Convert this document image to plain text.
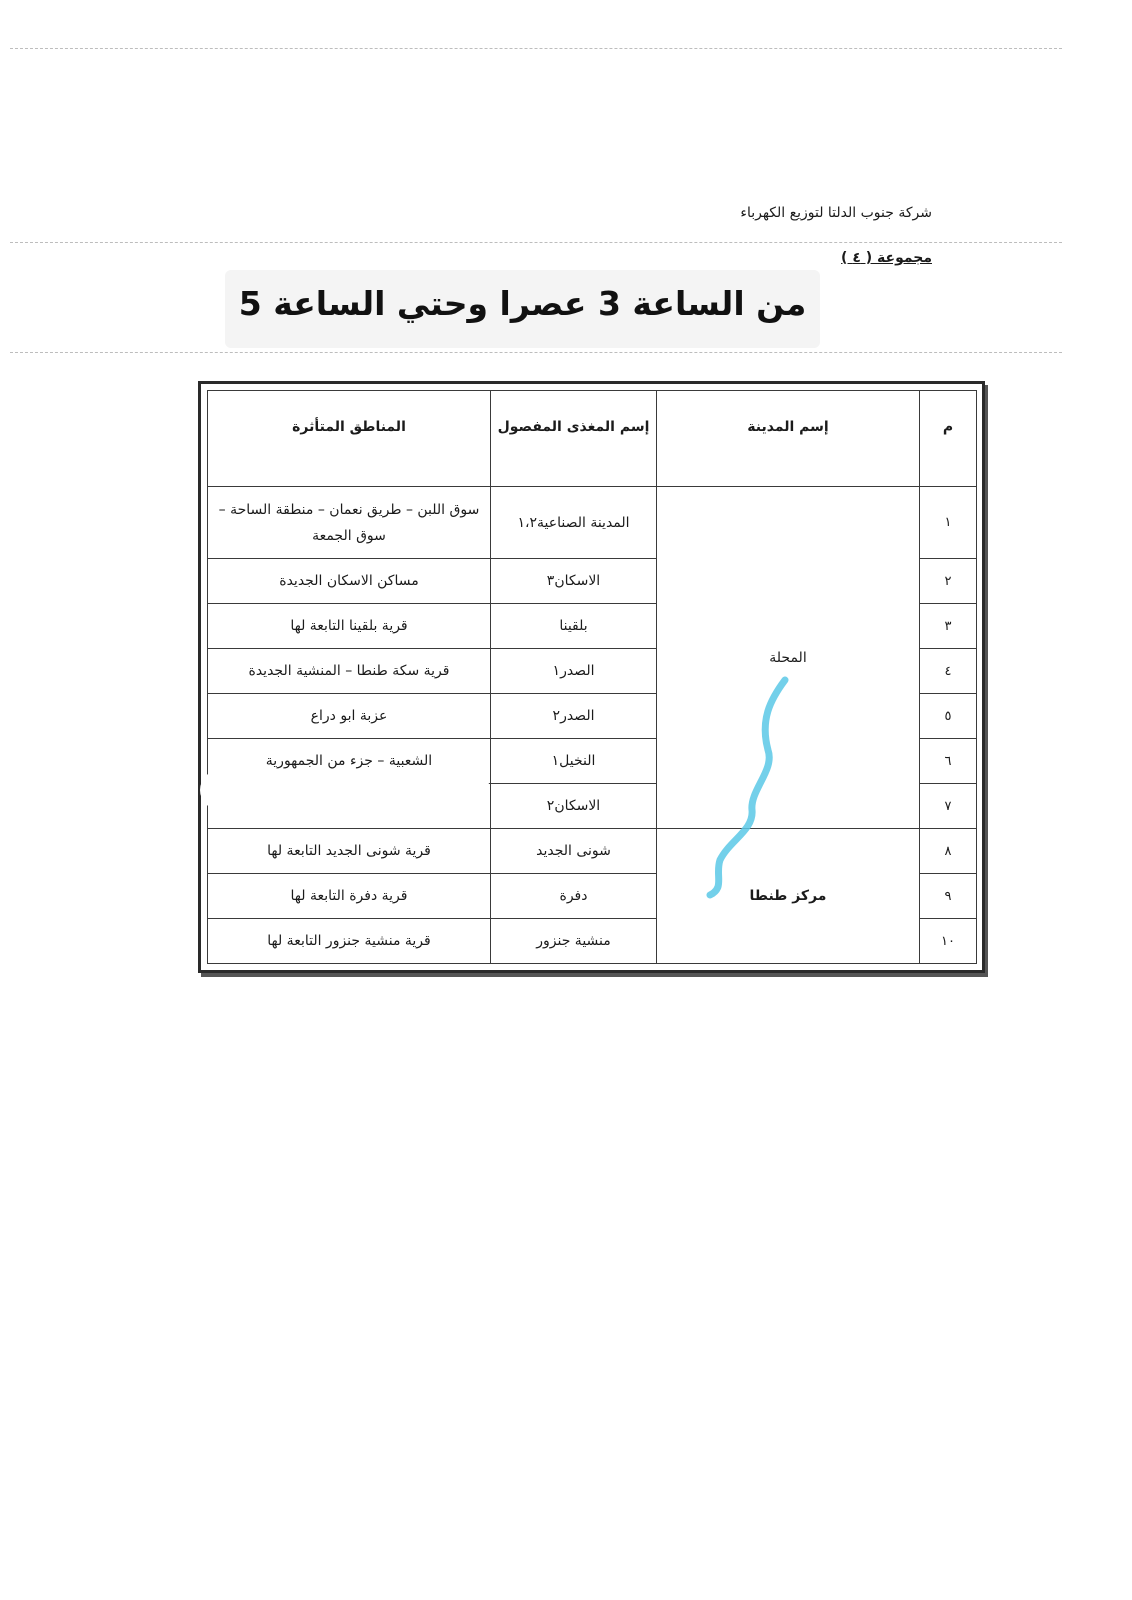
شركة جنوب الدلتا لتوزيع الكهرباء
مجموعة ( ٤ )
من الساعة 3 عصرا وحتي الساعة 5
م	إسم المدينة	إسم المغذى المفصول	المناطق المتأثرة
١	المحلة	المدينة الصناعية١،٢	سوق اللبن – طريق نعمان – منطقة الساحة – سوق الجمعة
٢		الاسكان٣	مساكن الاسكان الجديدة
٣		بلقينا	قرية بلقينا التابعة لها
٤		الصدر١	قرية سكة طنطا – المنشية الجديدة
٥		الصدر٢	عزبة ابو دراع
٦		النخيل١	الشعبية – جزء من الجمهورية
٧		الاسكان٢	
٨	مركز طنطا	شونى الجديد	قرية شونى الجديد التابعة لها
٩		دفرة	قرية دفرة التابعة لها
١٠		منشية جنزور	قرية منشية جنزور التابعة لها
